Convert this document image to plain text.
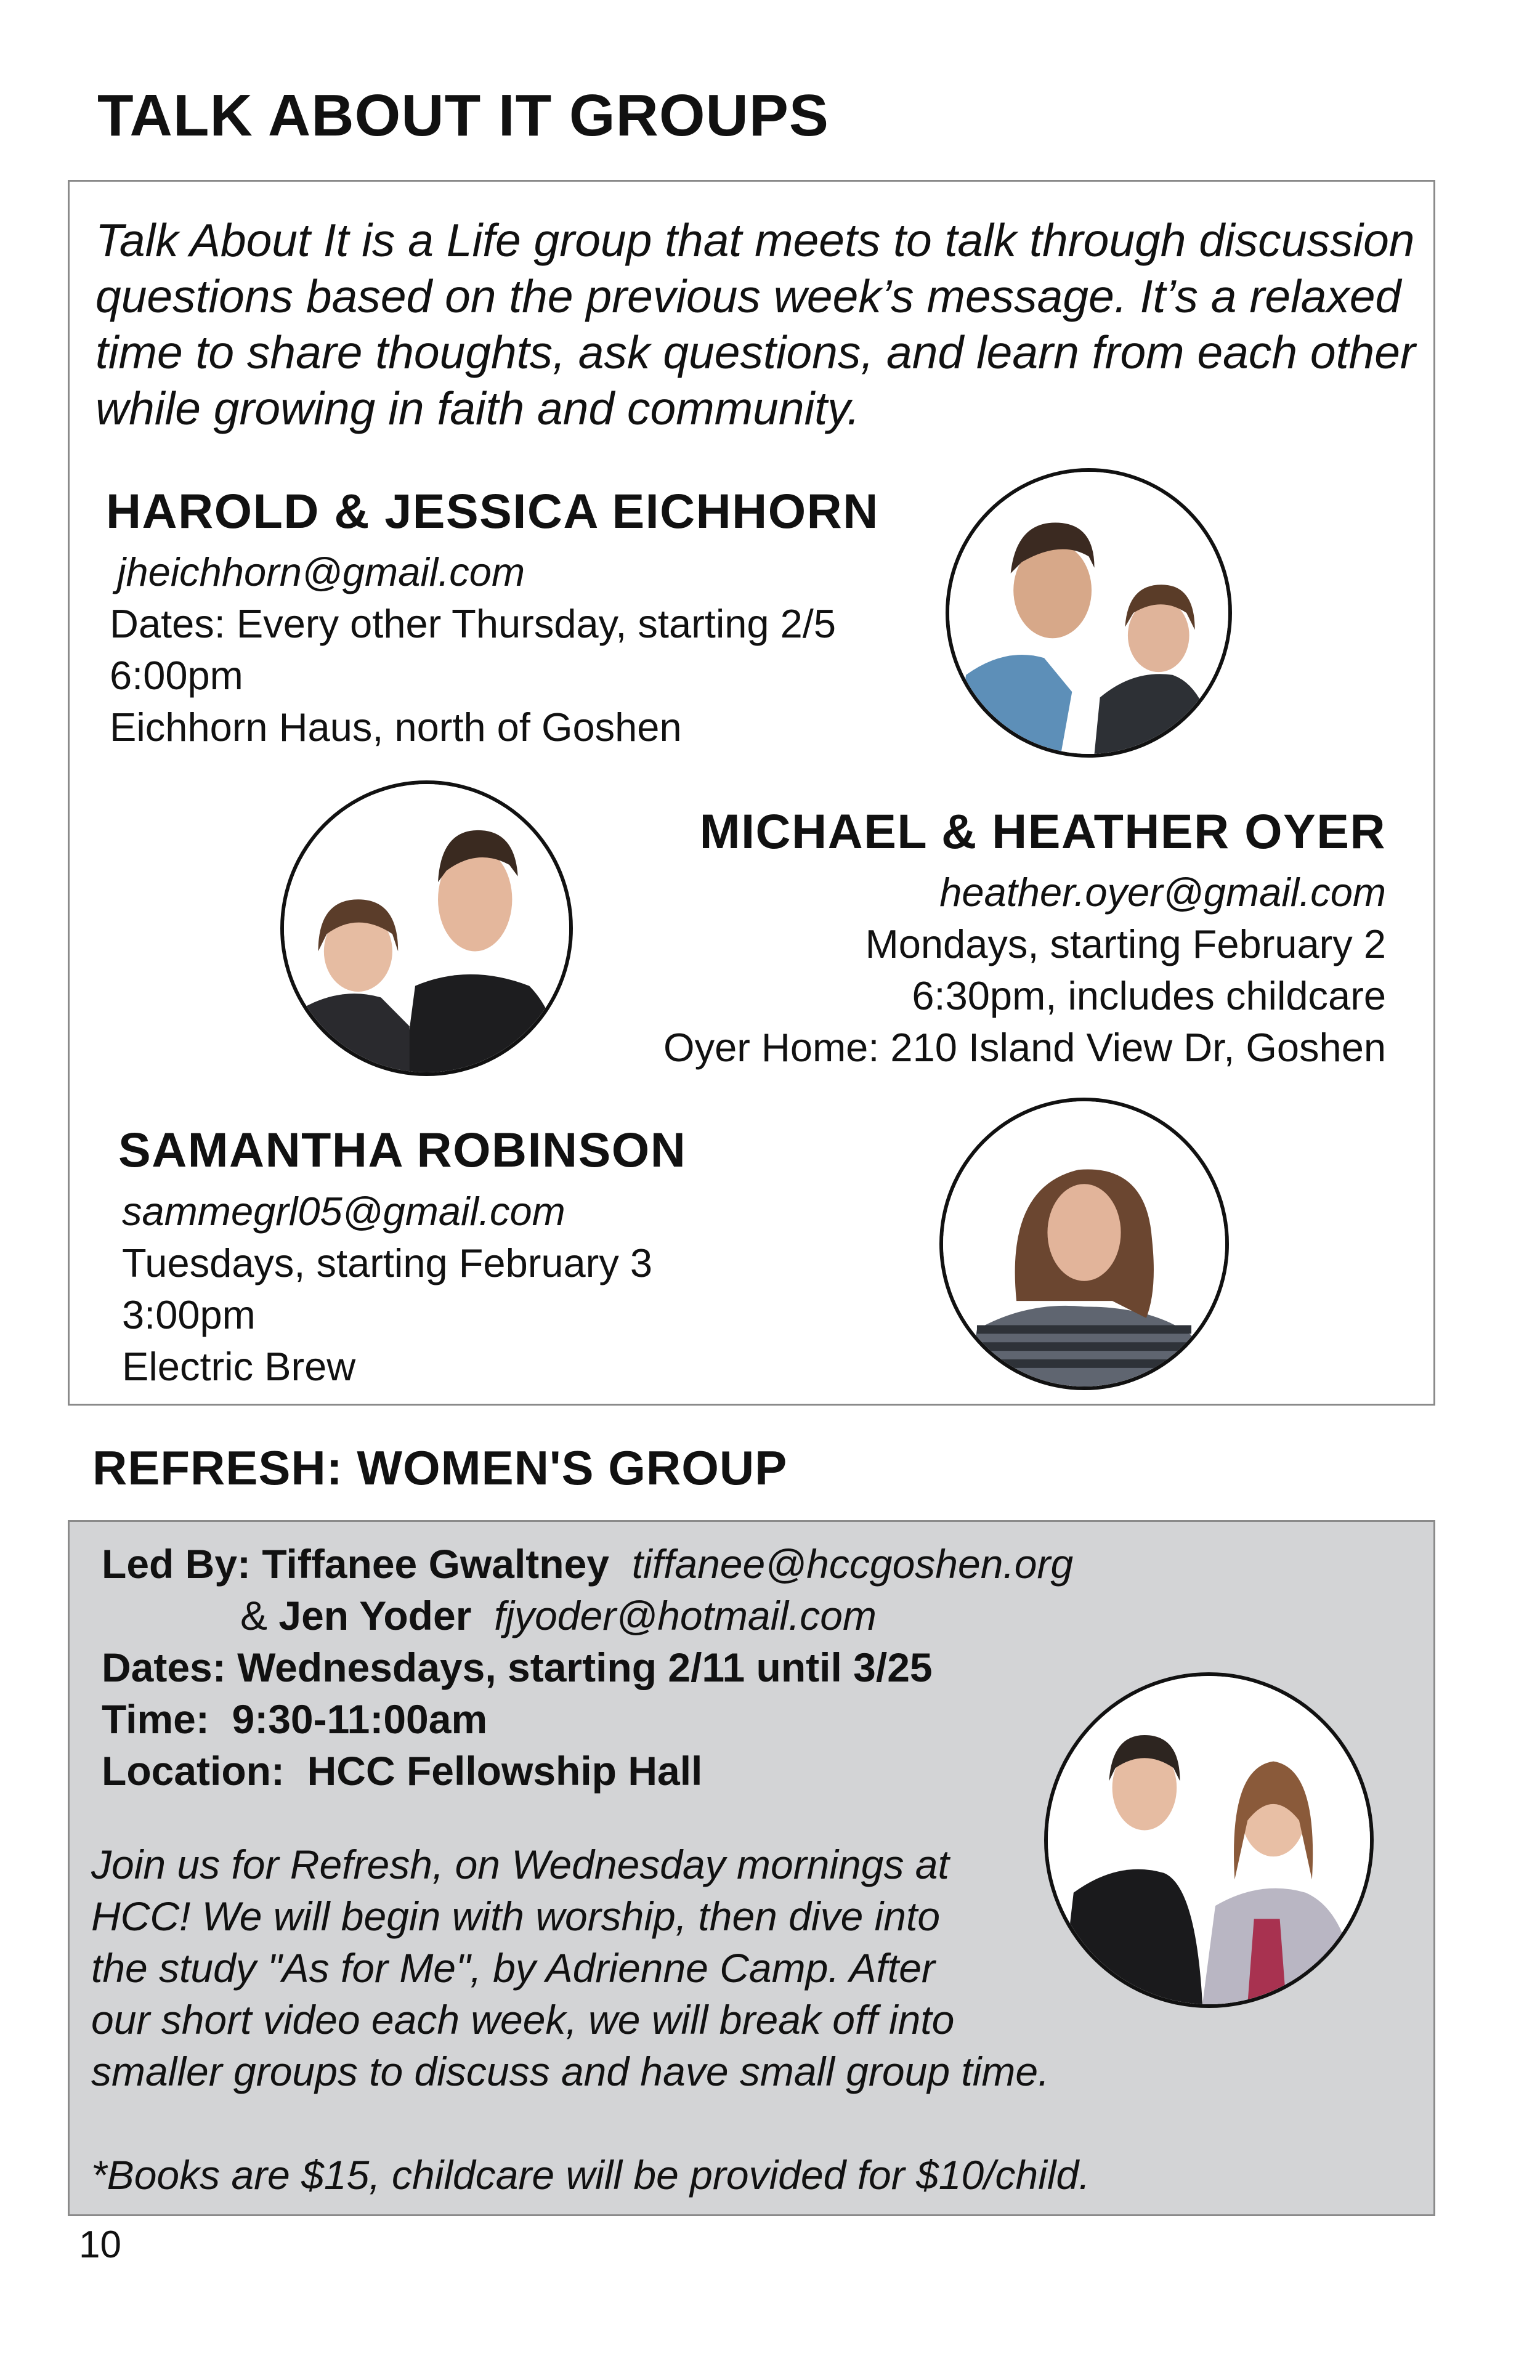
TALK ABOUT IT GROUPS

Talk About It is a Life group that meets to talk through discussion questions based on the previous week’s message. It’s a relaxed time to share thoughts, ask questions, and learn from each other while growing in faith and community.

HAROLD & JESSICA EICHHORN
jheichhorn@gmail.com
Dates: Every other Thursday, starting 2/5
6:00pm
Eichhorn Haus, north of Goshen
MICHAEL & HEATHER OYER
heather.oyer@gmail.com
Mondays, starting February 2
6:30pm, includes childcare
Oyer Home: 210 Island View Dr, Goshen
SAMANTHA ROBINSON
sammegrl05@gmail.com
Tuesdays, starting February 3
3:00pm
Electric Brew
REFRESH: WOMEN'S GROUP
Led By: Tiffanee Gwaltney tiffanee@hccgoshen.org
& Jen Yoder fjyoder@hotmail.com
Dates: Wednesdays, starting 2/11 until 3/25
Time:  9:30-11:00am
Location:  HCC Fellowship Hall
Join us for Refresh, on Wednesday mornings at
HCC! We will begin with worship, then dive into
the study "As for Me", by Adrienne Camp. After
our short video each week, we will break off into
smaller groups to discuss and have small group time.
*Books are $15, childcare will be provided for $10/child.
10
